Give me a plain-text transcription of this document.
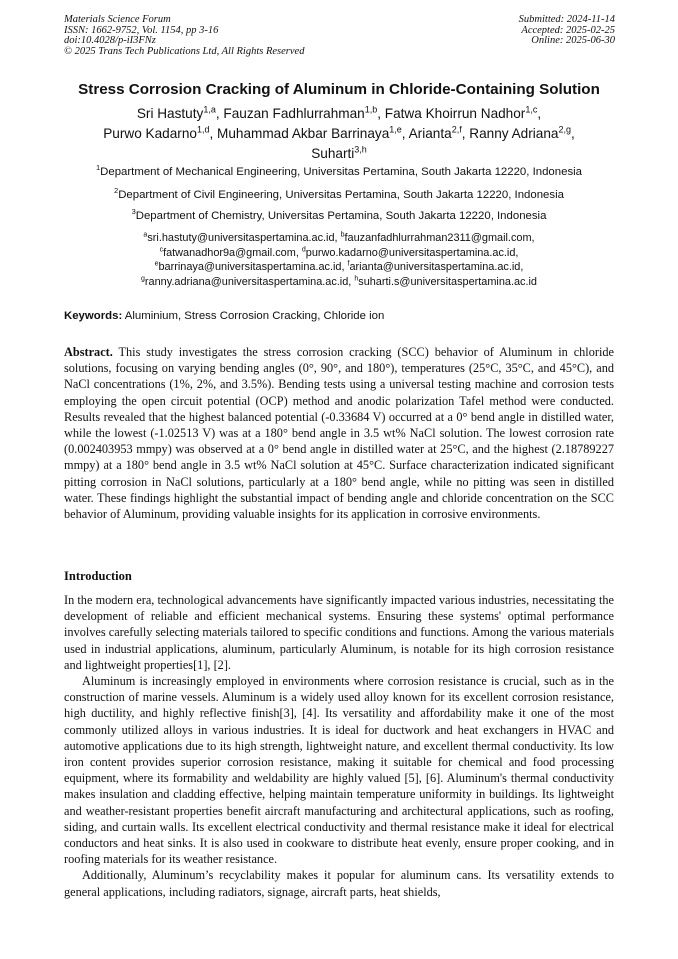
Materials Science Forum
ISSN: 1662-9752, Vol. 1154, pp 3-16
doi:10.4028/p-iI3FNz
© 2025 Trans Tech Publications Ltd, All Rights Reserved
Submitted: 2024-11-14
Accepted: 2025-02-25
Online: 2025-06-30
Stress Corrosion Cracking of Aluminum in Chloride-Containing Solution
Sri Hastuty$^{1,a}$, Fauzan Fadhlurrahman$^{1,b}$, Fatwa Khoirrun Nadhor$^{1,c}$,
Purwo Kadarno$^{1,d}$, Muhammad Akbar Barrinaya$^{1,e}$, Arianta$^{2,f}$, Ranny Adriana$^{2,g}$,
Suharti$^{3,h}$
$^1$Department of Mechanical Engineering, Universitas Pertamina, South Jakarta 12220, Indonesia
$^2$Department of Civil Engineering, Universitas Pertamina, South Jakarta 12220, Indonesia
$^3$Department of Chemistry, Universitas Pertamina, South Jakarta 12220, Indonesia
$^a$sri.hastuty@universitaspertamina.ac.id, $^b$fauzanfadhlurrahman2311@gmail.com,
$^c$fatwanadhor9a@gmail.com, $^d$purwo.kadarno@universitaspertamina.ac.id,
$^e$barrinaya@universitaspertamina.ac.id, $^f$arianta@universitaspertamina.ac.id,
$^g$ranny.adriana@universitaspertamina.ac.id, $^h$suharti.s@universitaspertamina.ac.id
Keywords: Aluminium, Stress Corrosion Cracking, Chloride ion
Abstract. This study investigates the stress corrosion cracking (SCC) behavior of Aluminum in chloride solutions, focusing on varying bending angles (0°, 90°, and 180°), temperatures (25°C, 35°C, and 45°C), and NaCl concentrations (1%, 2%, and 3.5%). Bending tests using a universal testing machine and corrosion tests employing the open circuit potential (OCP) method and anodic polarization Tafel method were conducted. Results revealed that the highest balanced potential (-0.33684 V) occurred at a 0° bend angle in distilled water, while the lowest (-1.02513 V) was at a 180° bend angle in 3.5 wt% NaCl solution. The lowest corrosion rate (0.002403953 mmpy) was observed at a 0° bend angle in distilled water at 25°C, and the highest (2.18789227 mmpy) at a 180° bend angle in 3.5 wt% NaCl solution at 45°C. Surface characterization indicated significant pitting corrosion in NaCl solutions, particularly at a 180° bend angle, while no pitting was seen in distilled water. These findings highlight the substantial impact of bending angle and chloride concentration on the SCC behavior of Aluminum, providing valuable insights for its application in corrosive environments.
Introduction

In the modern era, technological advancements have significantly impacted various industries, necessitating the development of reliable and efficient mechanical systems. Ensuring these systems' optimal performance involves carefully selecting materials tailored to specific conditions and functions. Among the various materials used in industrial applications, aluminum, particularly Aluminum, is notable for its high corrosion resistance and lightweight properties[1], [2].

Aluminum is increasingly employed in environments where corrosion resistance is crucial, such as in the construction of marine vessels. Aluminum is a widely used alloy known for its excellent corrosion resistance, high ductility, and highly reflective finish[3], [4]. Its versatility and affordability make it one of the most commonly utilized alloys in various industries. It is ideal for ductwork and heat exchangers in HVAC and automotive applications due to its high strength, lightweight nature, and excellent thermal conductivity. Its low iron content provides superior corrosion resistance, making it suitable for chemical and food processing equipment, where its formability and weldability are highly valued [5], [6]. Aluminum's thermal conductivity makes insulation and cladding effective, helping maintain temperature uniformity in buildings. Its lightweight and weather-resistant properties benefit aircraft manufacturing and architectural applications, such as roofing, siding, and curtain walls. Its excellent electrical conductivity and thermal resistance make it ideal for electrical conductors and heat sinks. It is also used in cookware to distribute heat evenly, ensure proper cooking, and in roofing materials for its weather resistance.

Additionally, Aluminum’s recyclability makes it popular for aluminum cans. Its versatility extends to general applications, including radiators, signage, aircraft parts, heat shields,
